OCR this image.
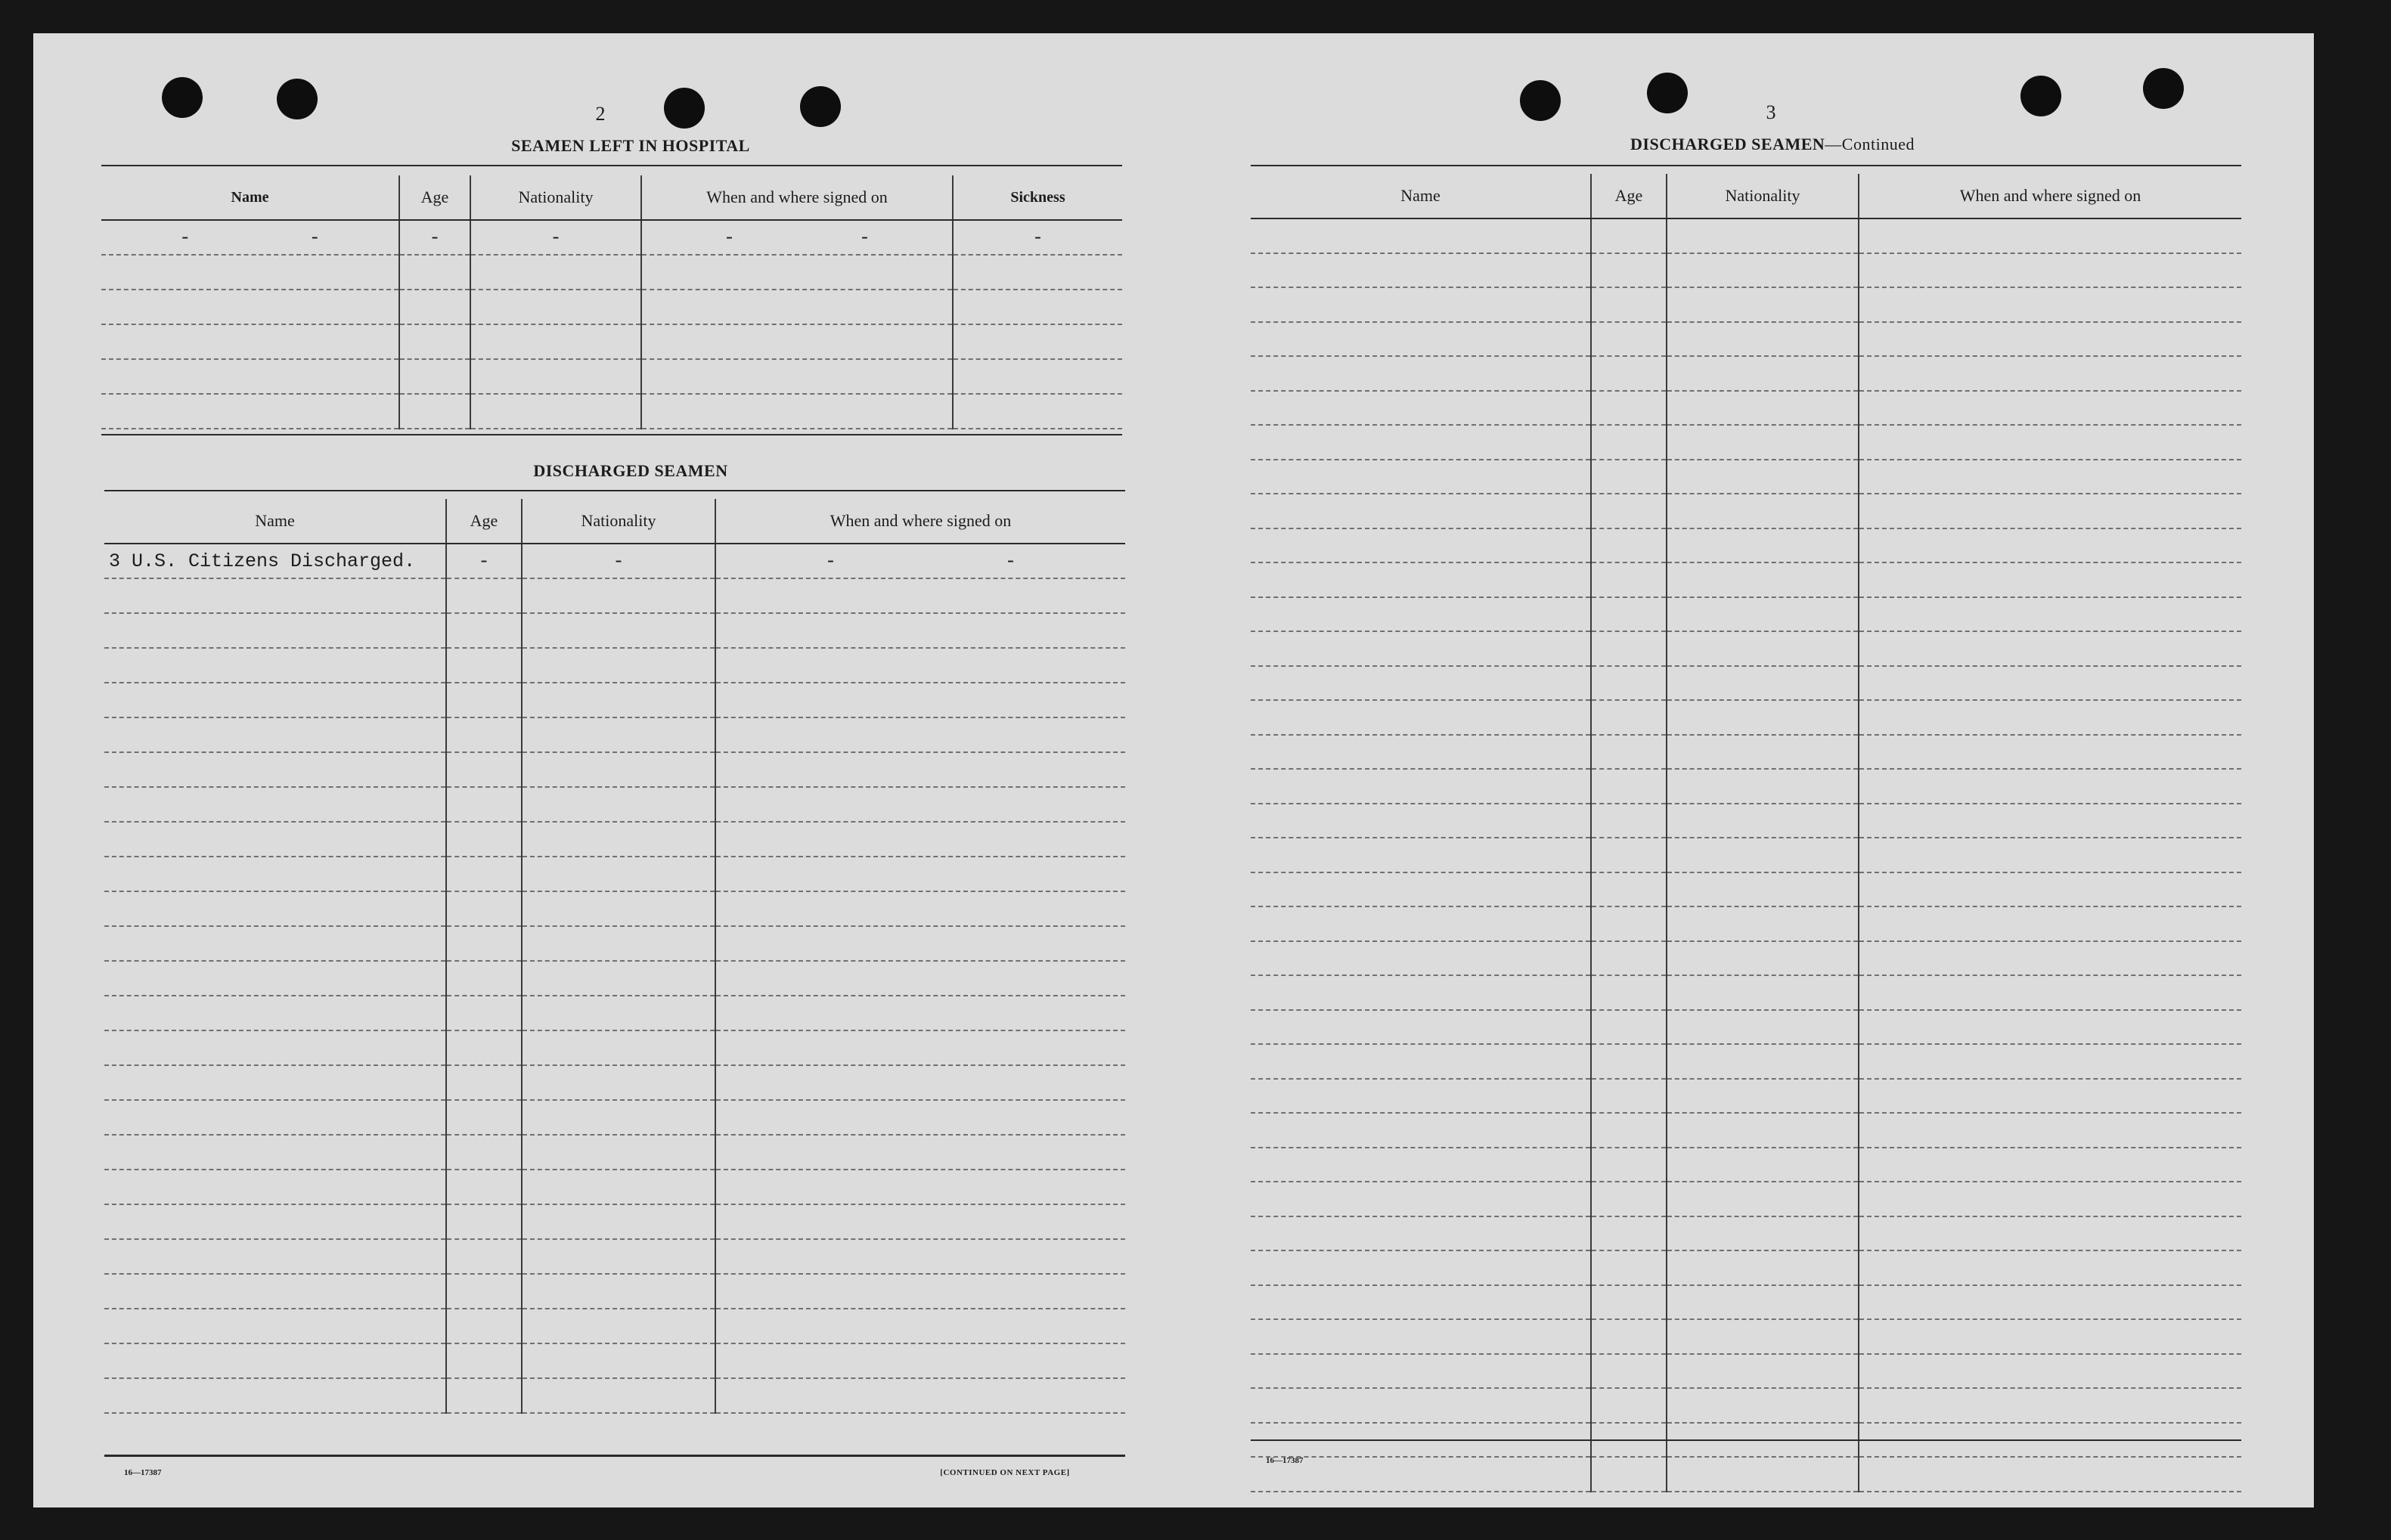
2
SEAMEN LEFT IN HOSPITAL
Name	Age	Nationality	When and where signed on	Sickness
- -	-	-	- -	-

DISCHARGED SEAMEN
Name	Age	Nationality	When and where signed on
3 U.S. Citizens Discharged.	-	-	- -

16—17387	[CONTINUED ON NEXT PAGE]
3
DISCHARGED SEAMEN—Continued
Name	Age	Nationality	When and where signed on

16—17387
